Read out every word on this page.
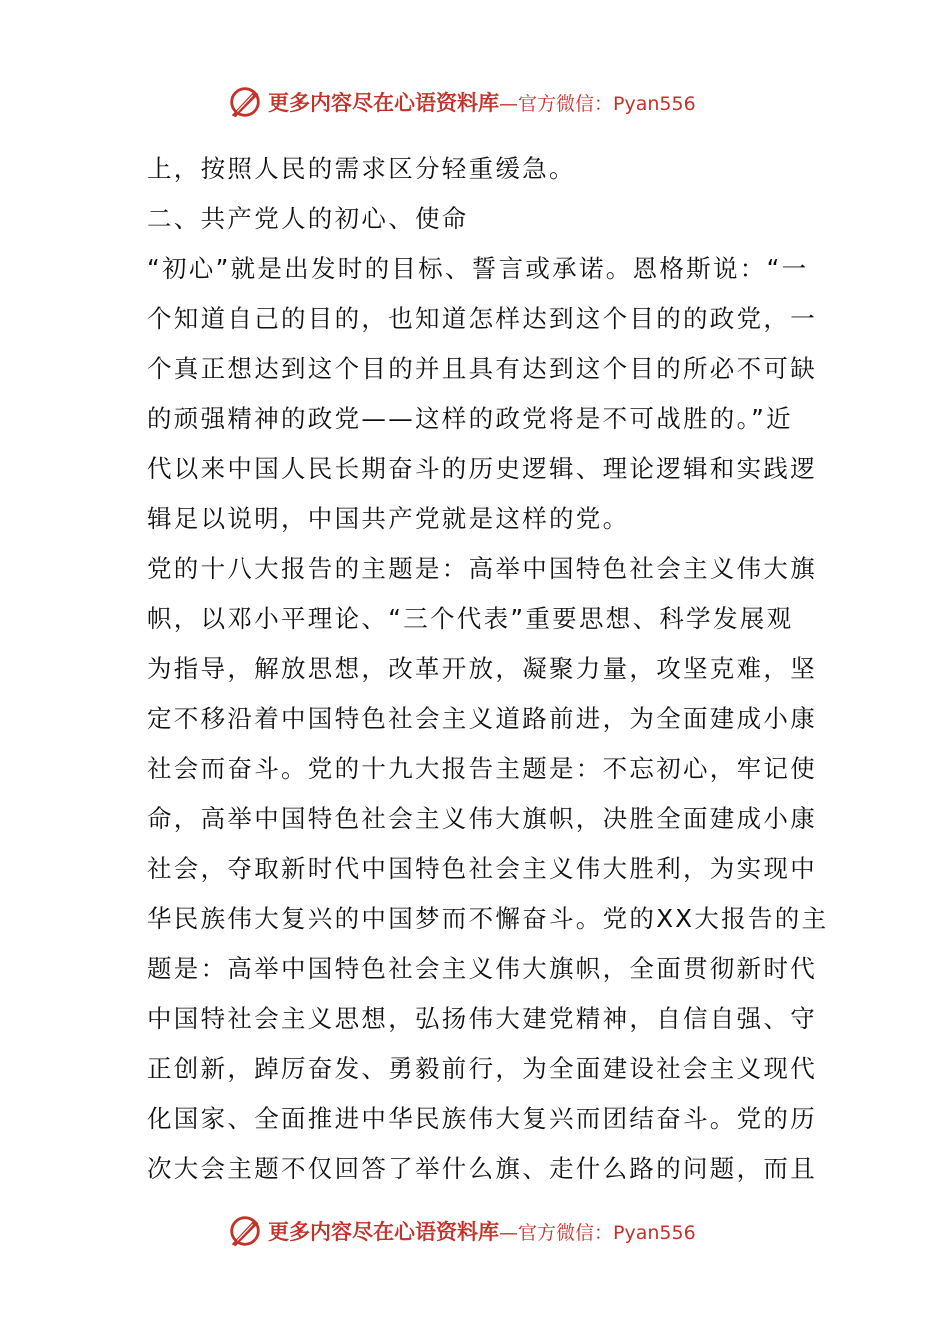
更多内容尽在心语资料库 —官方微信：Pyan556
上，按照人民的需求区分轻重缓急。
二、共产党人的初心、使命
“初心”就是出发时的目标、誓言或承诺。恩格斯说：“一
个知道自己的目的，也知道怎样达到这个目的的政党，一
个真正想达到这个目的并且具有达到这个目的所必不可缺
的顽强精神的政党——这样的政党将是不可战胜的。”近
代以来中国人民长期奋斗的历史逻辑、理论逻辑和实践逻
辑足以说明，中国共产党就是这样的党。
党的十八大报告的主题是：高举中国特色社会主义伟大旗
帜，以邓小平理论、“三个代表”重要思想、科学发展观
为指导，解放思想，改革开放，凝聚力量，攻坚克难，坚
定不移沿着中国特色社会主义道路前进，为全面建成小康
社会而奋斗。党的十九大报告主题是：不忘初心，牢记使
命，高举中国特色社会主义伟大旗帜，决胜全面建成小康
社会，夺取新时代中国特色社会主义伟大胜利，为实现中
华民族伟大复兴的中国梦而不懈奋斗。党的XX大报告的主
题是：高举中国特色社会主义伟大旗帜，全面贯彻新时代
中国特社会主义思想，弘扬伟大建党精神，自信自强、守
正创新，踔厉奋发、勇毅前行，为全面建设社会主义现代
化国家、全面推进中华民族伟大复兴而团结奋斗。党的历
次大会主题不仅回答了举什么旗、走什么路的问题，而且
更多内容尽在心语资料库 —官方微信：Pyan556
